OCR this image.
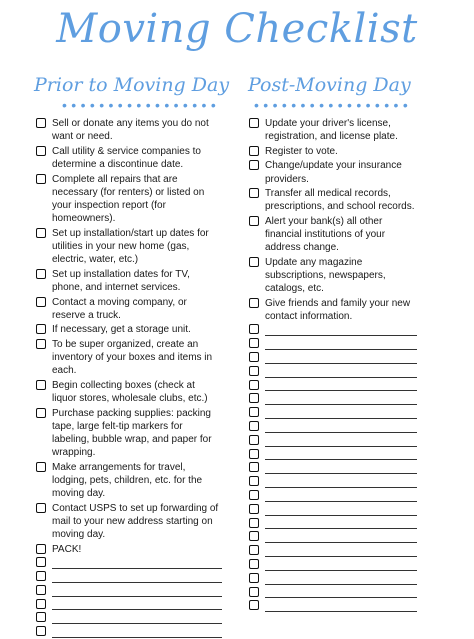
Moving Checklist
Prior to Moving Day
•••••••••••••••••
Post-Moving Day
•••••••••••••••••
Sell or donate any items you do not want or need.
Call utility & service companies to determine a discontinue date.
Complete all repairs that are necessary (for renters) or listed on your inspection report (for homeowners).
Set up installation/start up dates for utilities in your new home (gas, electric, water, etc.)
Set up installation dates for TV, phone, and internet services.
Contact a moving company, or reserve a truck.
If necessary, get a storage unit.
To be super organized, create an inventory of your boxes and items in each.
Begin collecting boxes (check at liquor stores, wholesale clubs, etc.)
Purchase packing supplies: packing tape, large felt-tip markers for labeling, bubble wrap, and paper for wrapping.
Make arrangements for travel, lodging, pets, children, etc. for the moving day.
Contact USPS to set up forwarding of mail to your new address starting on moving day.
PACK!
Update your driver's license, registration, and license plate.
Register to vote.
Change/update your insurance providers.
Transfer all medical records, prescriptions, and school records.
Alert your bank(s) all other financial institutions of your address change.
Update any magazine subscriptions, newspapers, catalogs, etc.
Give friends and family your new contact information.
